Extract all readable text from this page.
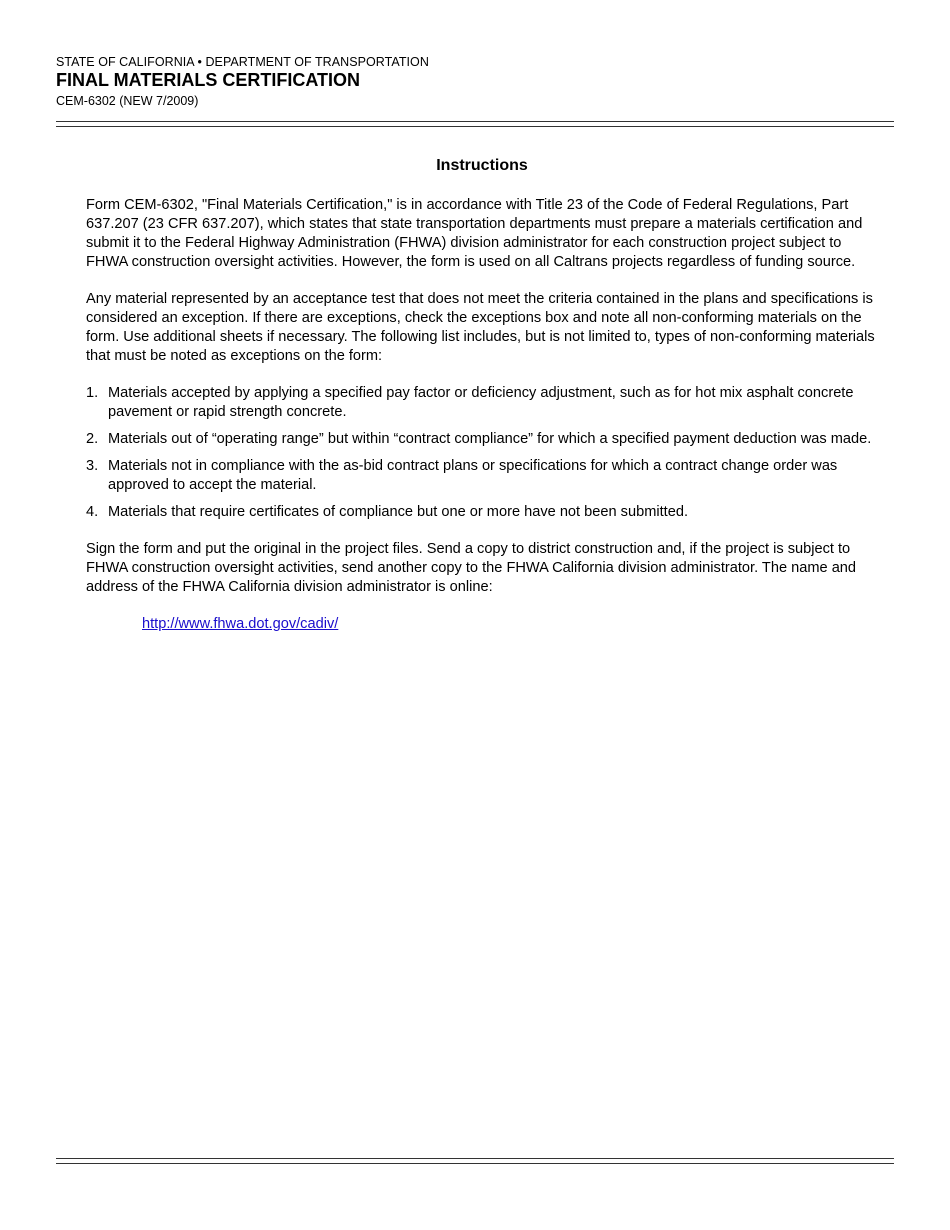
STATE OF CALIFORNIA • DEPARTMENT OF TRANSPORTATION
FINAL MATERIALS CERTIFICATION
CEM-6302 (NEW 7/2009)
Instructions

Form CEM-6302, "Final Materials Certification," is in accordance with Title 23 of the Code of Federal Regulations, Part 637.207 (23 CFR 637.207), which states that state transportation departments must prepare a materials certification and submit it to the Federal Highway Administration (FHWA) division administrator for each construction project subject to FHWA construction oversight activities. However, the form is used on all Caltrans projects regardless of funding source.

Any material represented by an acceptance test that does not meet the criteria contained in the plans and specifications is considered an exception. If there are exceptions, check the exceptions box and note all non-conforming materials on the form. Use additional sheets if necessary. The following list includes, but is not limited to, types of non-conforming materials that must be noted as exceptions on the form:

1. Materials accepted by applying a specified pay factor or deficiency adjustment, such as for hot mix asphalt concrete pavement or rapid strength concrete.
2. Materials out of “operating range” but within “contract compliance” for which a specified payment deduction was made.
3. Materials not in compliance with the as-bid contract plans or specifications for which a contract change order was approved to accept the material.
4. Materials that require certificates of compliance but one or more have not been submitted.

Sign the form and put the original in the project files. Send a copy to district construction and, if the project is subject to FHWA construction oversight activities, send another copy to the FHWA California division administrator. The name and address of the FHWA California division administrator is online:

http://www.fhwa.dot.gov/cadiv/
